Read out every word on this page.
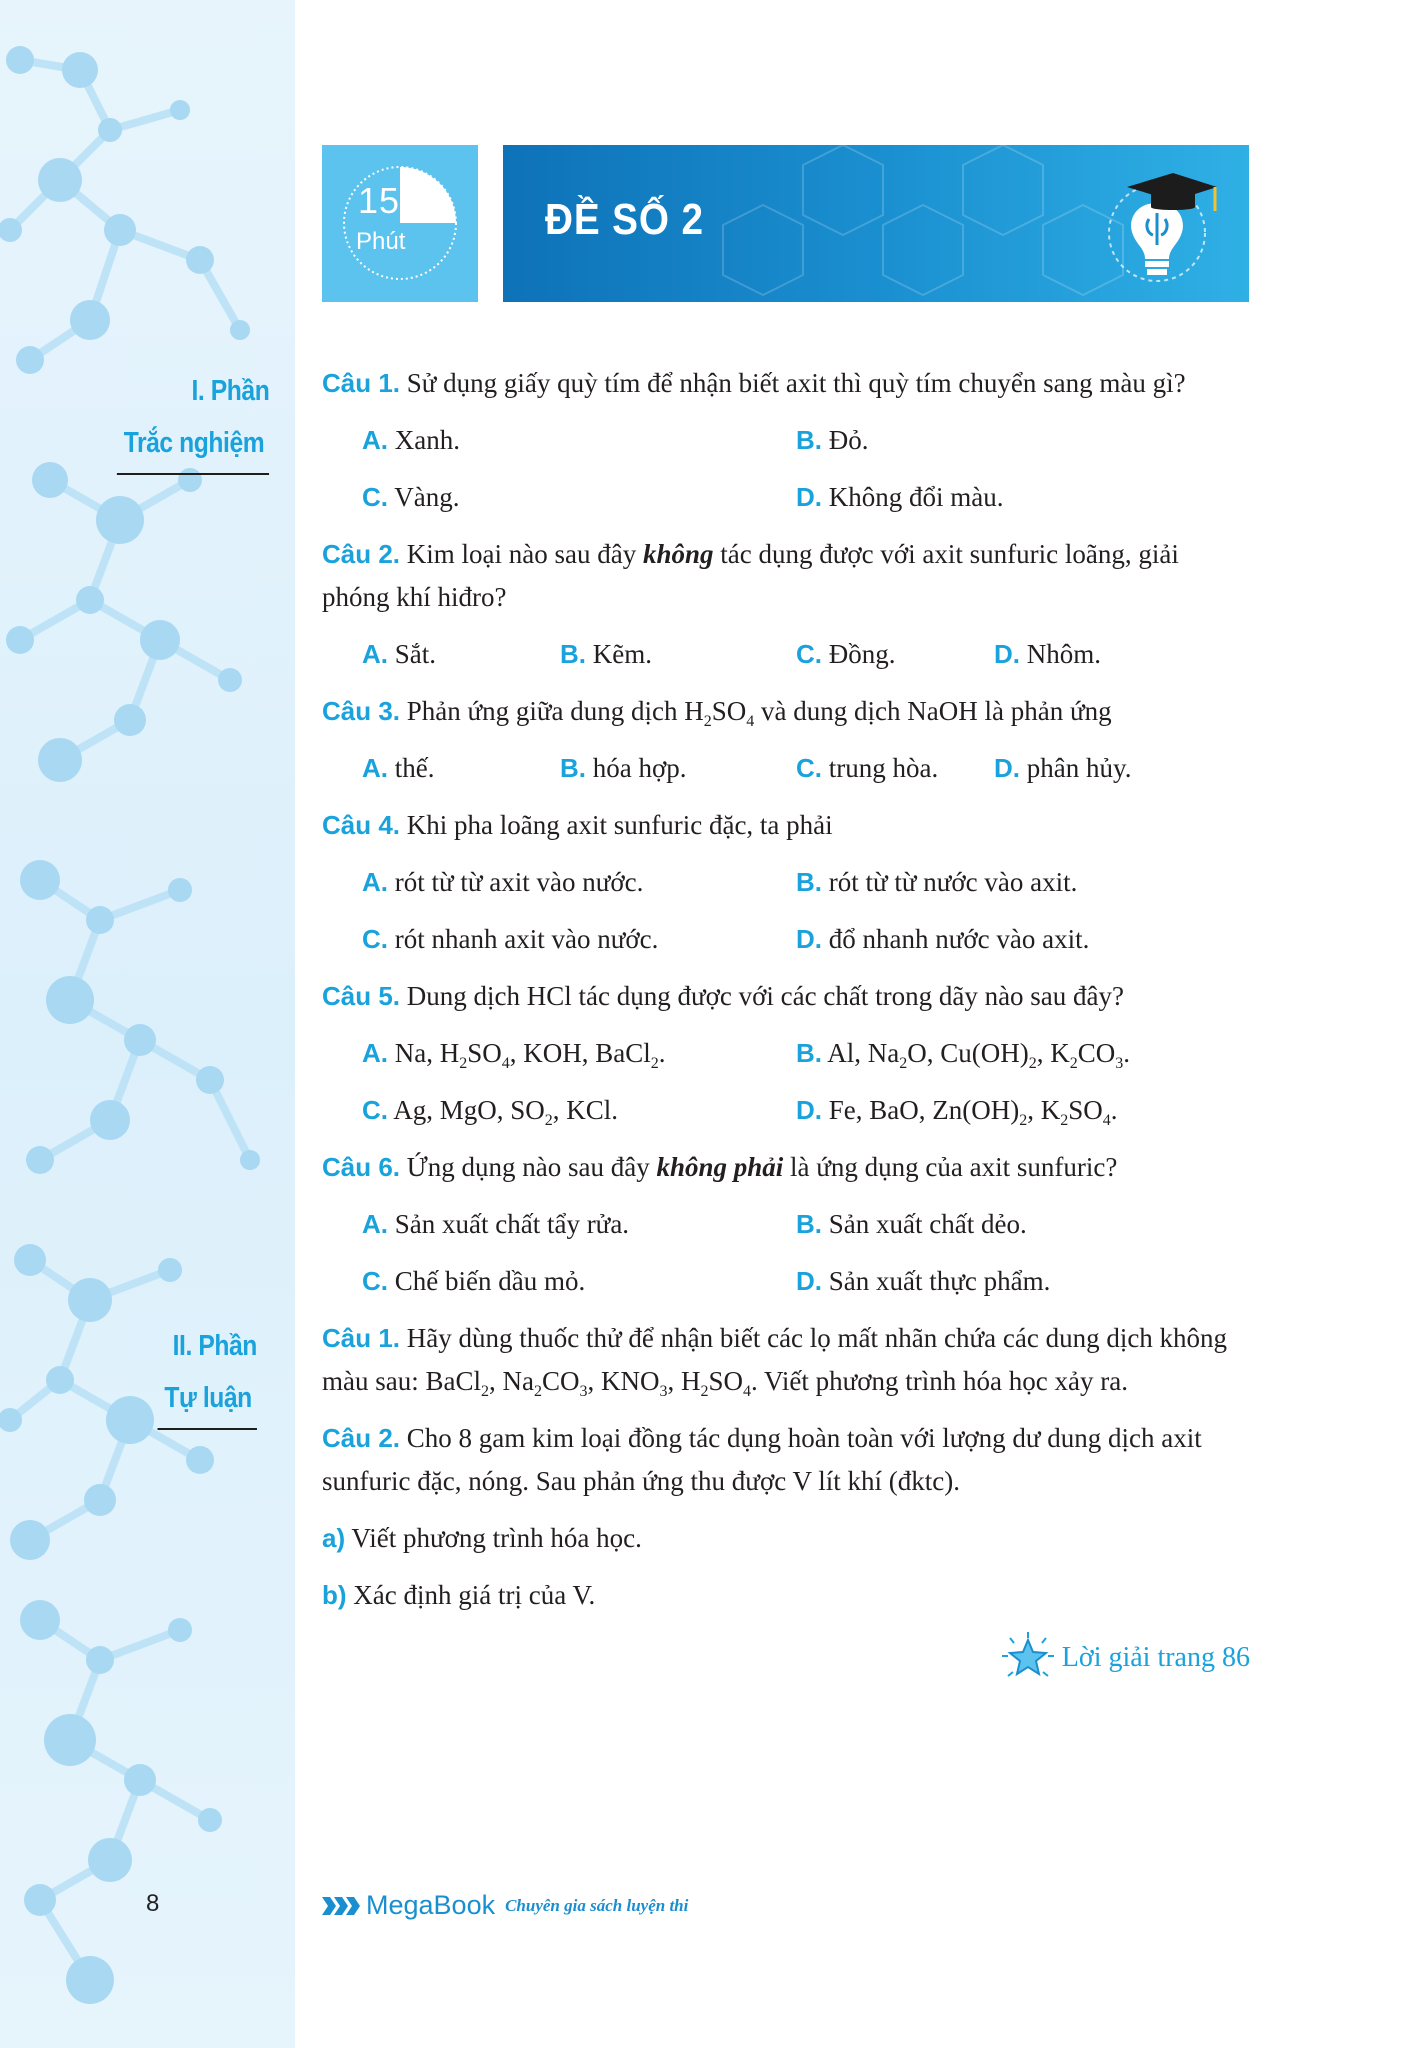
I. Phần
Trắc nghiệm
II. Phần
Tự luận
15
Phút	ĐỀ SỐ 2

Câu 1. Sử dụng giấy quỳ tím để nhận biết axit thì quỳ tím chuyển sang màu gì?

A. Xanh.	B. Đỏ.
C. Vàng.	D. Không đổi màu.

Câu 2. Kim loại nào sau đây không tác dụng được với axit sunfuric loãng, giải phóng khí hiđro?

A. Sắt.	B. Kẽm.	C. Đồng.	D. Nhôm.

Câu 3. Phản ứng giữa dung dịch $H_2SO_4$ và dung dịch NaOH là phản ứng

A. thế.	B. hóa hợp.	C. trung hòa.	D. phân hủy.

Câu 4. Khi pha loãng axit sunfuric đặc, ta phải

A. rót từ từ axit vào nước.	B. rót từ từ nước vào axit.
C. rót nhanh axit vào nước.	D. đổ nhanh nước vào axit.

Câu 5. Dung dịch HCl tác dụng được với các chất trong dãy nào sau đây?

A. Na, $H_2SO_4$, KOH, BaCl$_2$.	B. Al, $Na_2O$, $Cu(OH)_2$, $K_2CO_3$.
C. Ag, MgO, $SO_2$, KCl.	D. Fe, BaO, $Zn(OH)_2$, $K_2SO_4$.

Câu 6. Ứng dụng nào sau đây không phải là ứng dụng của axit sunfuric?

A. Sản xuất chất tẩy rửa.	B. Sản xuất chất dẻo.
C. Chế biến dầu mỏ.	D. Sản xuất thực phẩm.

Câu 1. Hãy dùng thuốc thử để nhận biết các lọ mất nhãn chứa các dung dịch không màu sau: BaCl$_2$, $Na_2CO_3$, $KNO_3$, $H_2SO_4$. Viết phương trình hóa học xảy ra.

Câu 2. Cho 8 gam kim loại đồng tác dụng hoàn toàn với lượng dư dung dịch axit sunfuric đặc, nóng. Sau phản ứng thu được V lít khí (đktc).

a) Viết phương trình hóa học.

b) Xác định giá trị của V.

Lời giải trang 86
8	MegaBook Chuyên gia sách luyện thi
